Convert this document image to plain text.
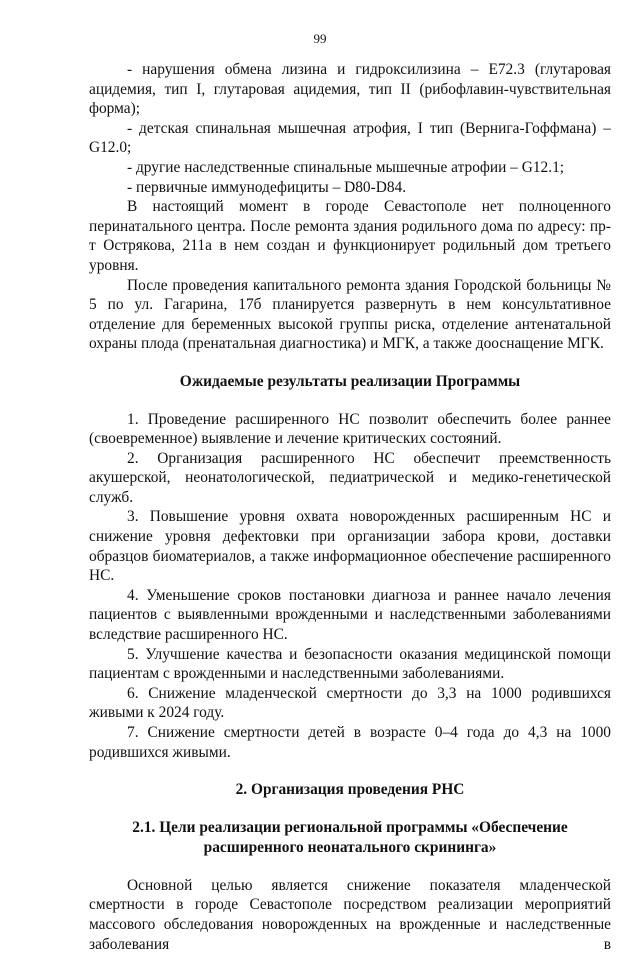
99

- нарушения обмена лизина и гидроксилизина – Е72.3 (глутаровая ацидемия, тип I, глутаровая ацидемия, тип II (рибофлавин-чувствительная форма);

- детская спинальная мышечная атрофия, I тип (Вернига-Гоффмана) – G12.0;

- другие наследственные спинальные мышечные атрофии – G12.1;

- первичные иммунодефициты – D80-D84.

В настоящий момент в городе Севастополе нет полноценного перинатального центра. После ремонта здания родильного дома по адресу: пр-т Острякова, 211а в нем создан и функционирует родильный дом третьего уровня.

После проведения капитального ремонта здания Городской больницы № 5 по ул. Гагарина, 17б планируется развернуть в нем консультативное отделение для беременных высокой группы риска, отделение антенатальной охраны плода (пренатальная диагностика) и МГК, а также дооснащение МГК.

Ожидаемые результаты реализации Программы

1. Проведение расширенного НС позволит обеспечить более раннее (своевременное) выявление и лечение критических состояний.

2. Организация расширенного НС обеспечит преемственность акушерской, неонатологической, педиатрической и медико-генетической служб.

3. Повышение уровня охвата новорожденных расширенным НС и снижение уровня дефектовки при организации забора крови, доставки образцов биоматериалов, а также информационное обеспечение расширенного НС.

4. Уменьшение сроков постановки диагноза и раннее начало лечения пациентов с выявленными врожденными и наследственными заболеваниями вследствие расширенного НС.

5. Улучшение качества и безопасности оказания медицинской помощи пациентам с врожденными и наследственными заболеваниями.

6. Снижение младенческой смертности до 3,3 на 1000 родившихся живыми к 2024 году.

7. Снижение смертности детей в возрасте 0–4 года до 4,3 на 1000 родившихся живыми.

2. Организация проведения РНС

2.1. Цели реализации региональной программы «Обеспечение расширенного неонатального скрининга»

Основной целью является снижение показателя младенческой смертности в городе Севастополе посредством реализации мероприятий массового обследования новорожденных на врожденные и наследственные заболевания в
